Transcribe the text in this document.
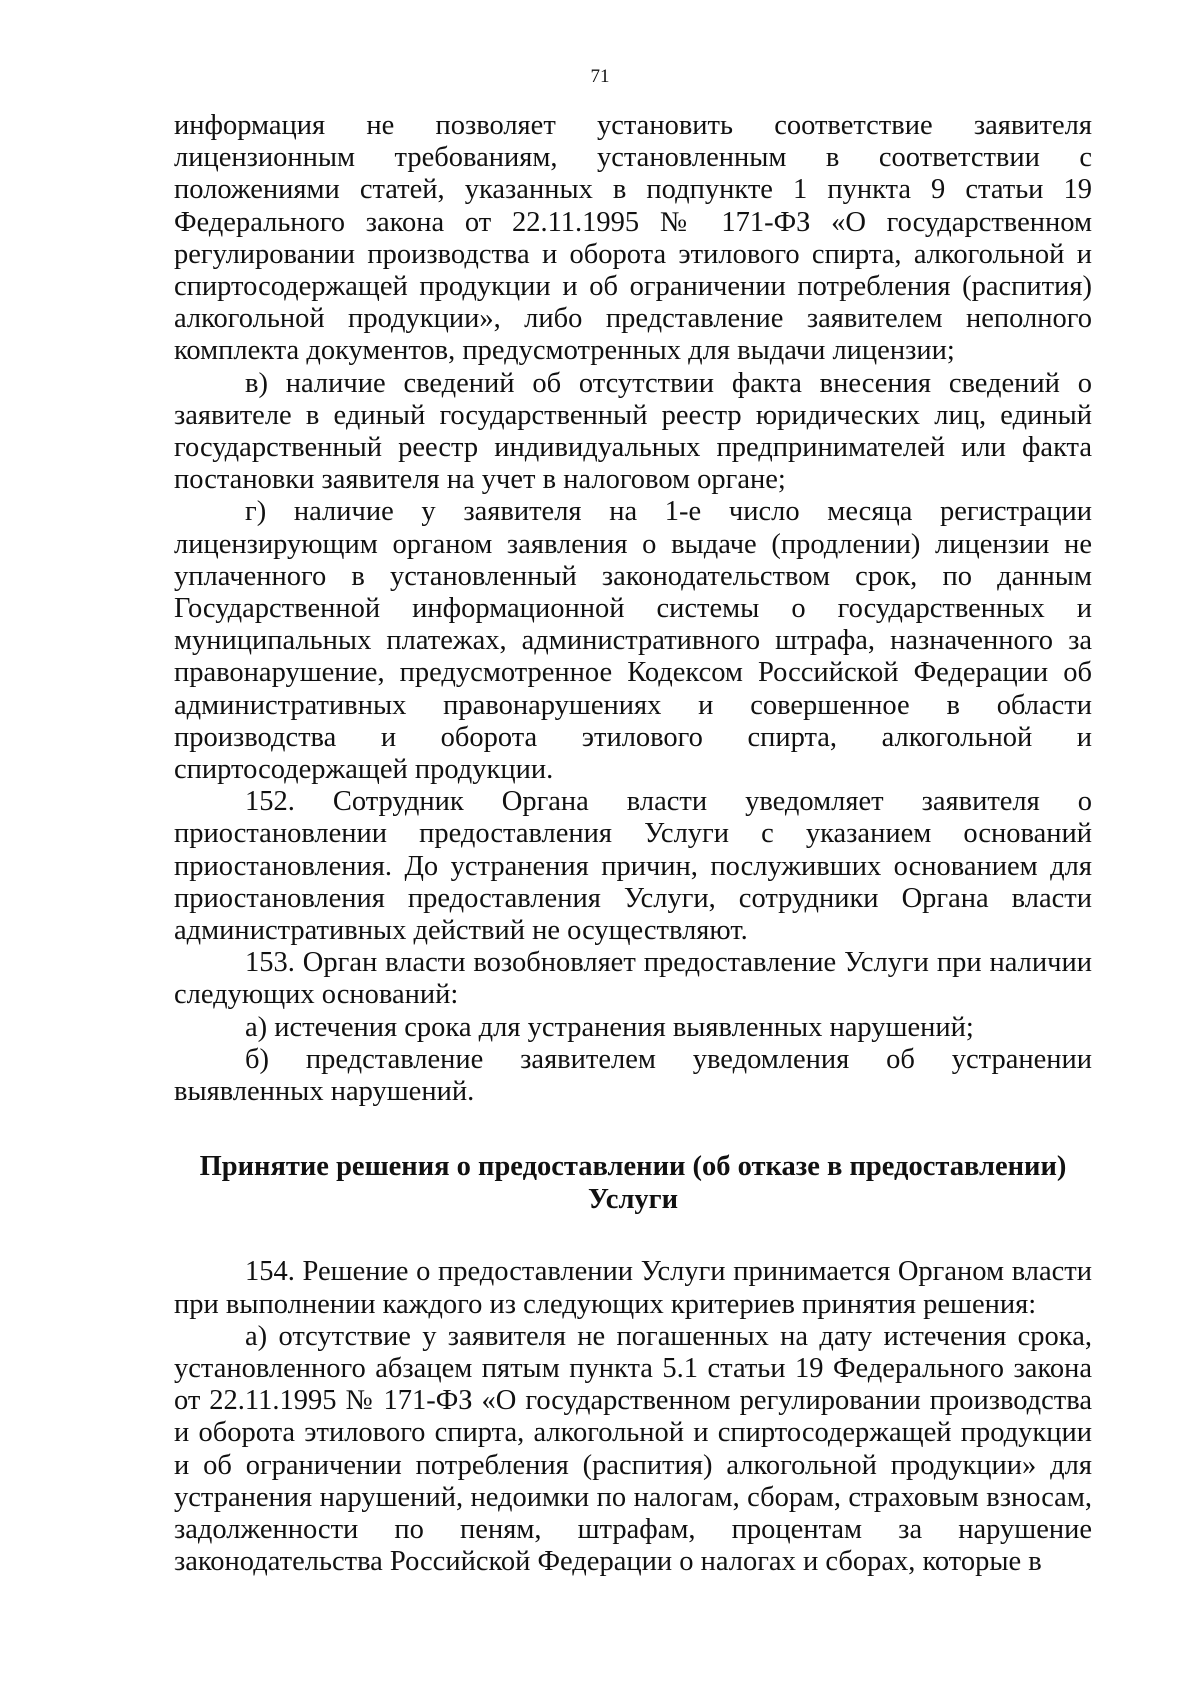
71

информация не позволяет установить соответствие заявителя лицензионным требованиям, установленным в соответствии с положениями статей, указанных в подпункте 1 пункта 9 статьи 19 Федерального закона от 22.11.1995 № 171-ФЗ «О государственном регулировании производства и оборота этилового спирта, алкогольной и спиртосодержащей продукции и об ограничении потребления (распития) алкогольной продукции», либо представление заявителем неполного комплекта документов, предусмотренных для выдачи лицензии;

в) наличие сведений об отсутствии факта внесения сведений о заявителе в единый государственный реестр юридических лиц, единый государственный реестр индивидуальных предпринимателей или факта постановки заявителя на учет в налоговом органе;

г) наличие у заявителя на 1-е число месяца регистрации лицензирующим органом заявления о выдаче (продлении) лицензии не уплаченного в установленный законодательством срок, по данным Государственной информационной системы о государственных и муниципальных платежах, административного штрафа, назначенного за правонарушение, предусмотренное Кодексом Российской Федерации об административных правонарушениях и совершенное в области производства и оборота этилового спирта, алкогольной и спиртосодержащей продукции.

152. Сотрудник Органа власти уведомляет заявителя о приостановлении предоставления Услуги с указанием оснований приостановления. До устранения причин, послуживших основанием для приостановления предоставления Услуги, сотрудники Органа власти административных действий не осуществляют.

153. Орган власти возобновляет предоставление Услуги при наличии следующих оснований:

а) истечения срока для устранения выявленных нарушений;

б) представление заявителем уведомления об устранении выявленных нарушений.

Принятие решения о предоставлении (об отказе в предоставлении)
Услуги

154. Решение о предоставлении Услуги принимается Органом власти при выполнении каждого из следующих критериев принятия решения:

а) отсутствие у заявителя не погашенных на дату истечения срока, установленного абзацем пятым пункта 5.1 статьи 19 Федерального закона от 22.11.1995 № 171-ФЗ «О государственном регулировании производства и оборота этилового спирта, алкогольной и спиртосодержащей продукции и об ограничении потребления (распития) алкогольной продукции» для устранения нарушений, недоимки по налогам, сборам, страховым взносам, задолженности по пеням, штрафам, процентам за нарушение законодательства Российской Федерации о налогах и сборах, которые в
